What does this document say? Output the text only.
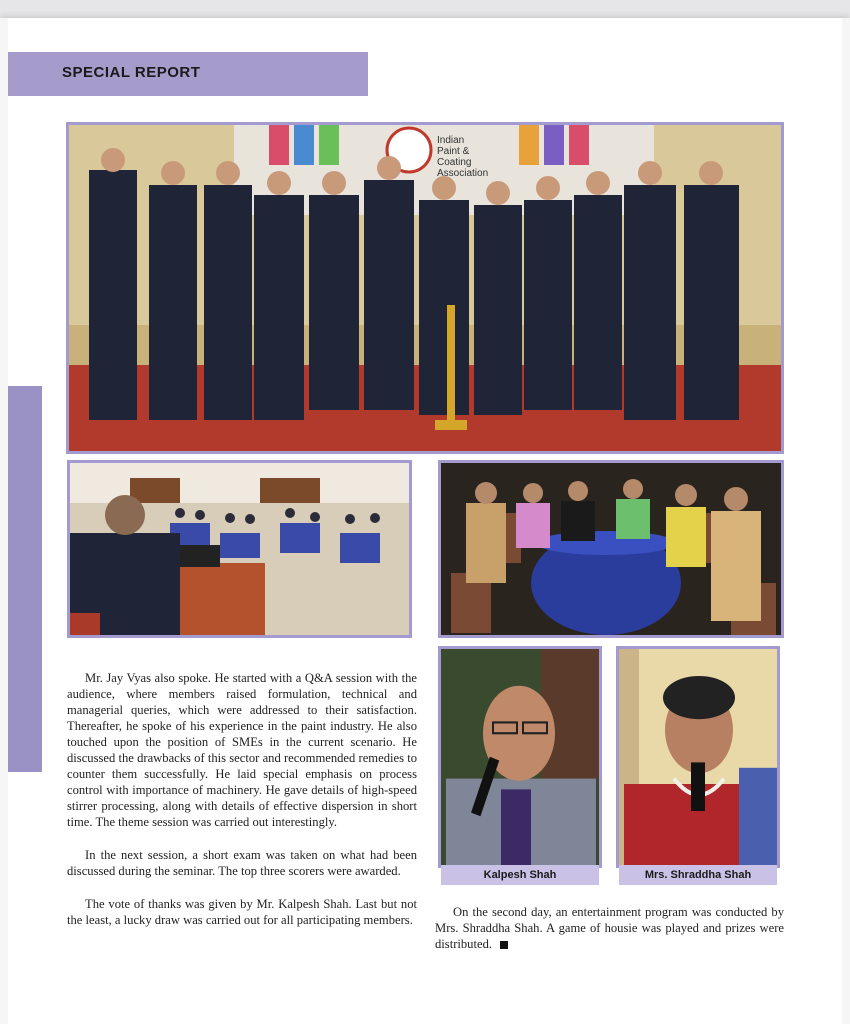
SPECIAL REPORT
Indian
Paint &
Coating
Association
Kalpesh Shah	Mrs. Shraddha Shah

Mr. Jay Vyas also spoke. He started with a Q&A session with the audience, where members raised formulation, technical and managerial queries, which were addressed to their satisfaction. Thereafter, he spoke of his experience in the paint industry. He also touched upon the position of SMEs in the current scenario. He discussed the drawbacks of this sector and recommended remedies to counter them successfully. He laid special emphasis on process control with importance of machinery. He gave details of high-speed stirrer processing, along with details of effective dispersion in short time. The theme session was carried out interestingly.

In the next session, a short exam was taken on what had been discussed during the seminar. The top three scorers were awarded.

The vote of thanks was given by Mr. Kalpesh Shah. Last but not the least, a lucky draw was carried out for all participating members.

On the second day, an entertainment program was conducted by Mrs. Shraddha Shah. A game of housie was played and prizes were distributed.
